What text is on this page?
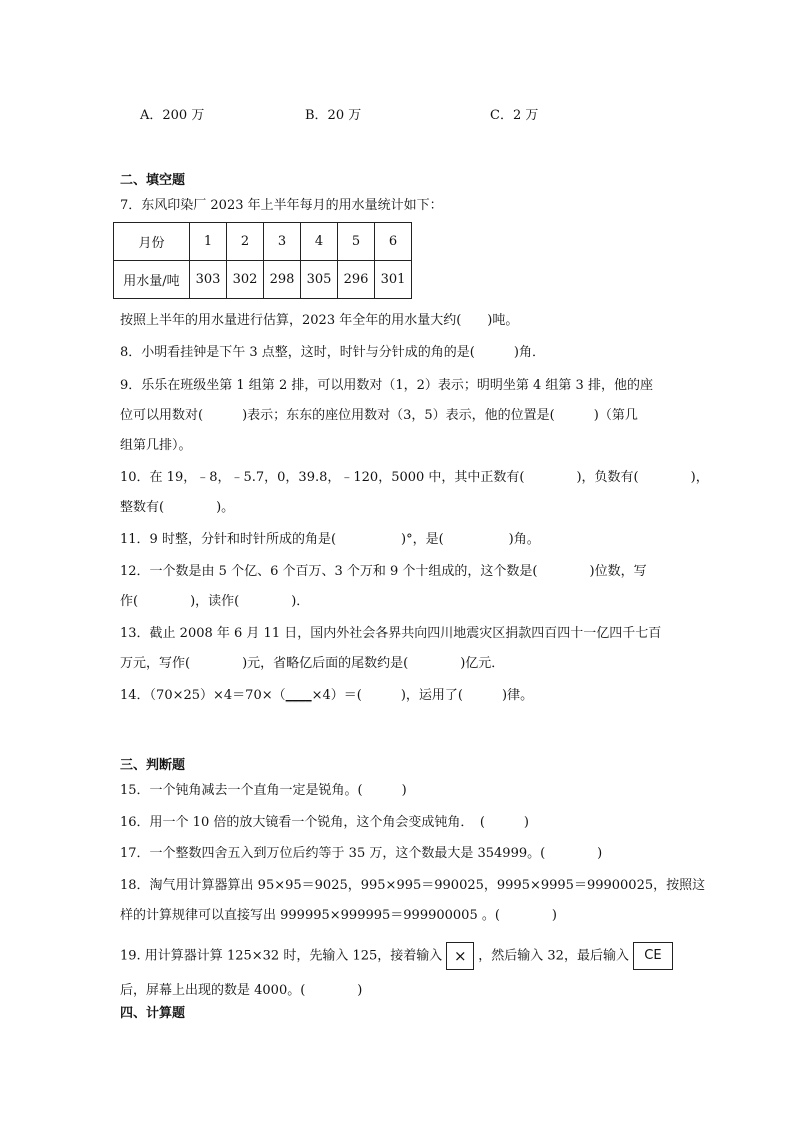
A．200 万	B．20 万	C．2 万
二、填空题
7．东风印染厂 2023 年上半年每月的用水量统计如下：
月份	1	2	3	4	5	6
用水量/吨	303	302	298	305	296	301
按照上半年的用水量进行估算，2023 年全年的用水量大约(　　)吨。
8．小明看挂钟是下午 3 点整，这时，时针与分针成的角的是(　　　)角．
9．乐乐在班级坐第 1 组第 2 排，可以用数对（1，2）表示；明明坐第 4 组第 3 排，他的座
位可以用数对(　　　)表示；东东的座位用数对（3，5）表示，他的位置是(　　　)（第几
组第几排）。
10．在 19，﹣8，﹣5.7，0，39.8，﹣120，5000 中，其中正数有(　　　　)，负数有(　　　　)，
整数有(　　　　)。
11．9 时整，分针和时针所成的角是(　　　　　)°，是(　　　　　)角。
12．一个数是由 5 个亿、6 个百万、3 个万和 9 个十组成的，这个数是(　　　　)位数，写
作(　　　　)，读作(　　　　)．
13．截止 2008 年 6 月 11 日，国内外社会各界共向四川地震灾区捐款四百四十一亿四千七百
万元，写作(　　　　)元，省略亿后面的尾数约是(　　　　)亿元．
14．（70×25）×4＝70×（____×4）＝(　　　)，运用了(　　　)律。
三、判断题
15．一个钝角减去一个直角一定是锐角。(　　　)
16．用一个 10 倍的放大镜看一个锐角，这个角会变成钝角．　(　　　)
17．一个整数四舍五入到万位后约等于 35 万，这个数最大是 354999。(　　　　)
18．淘气用计算器算出 95×95＝9025，995×995＝990025，9995×9995＝99900025，按照这
样的计算规律可以直接写出 999995×999995＝999900005 。(　　　　)
19. 用计算器计算 125×32 时，先输入 125，接着输入 × ，然后输入 32，最后输入 CE
后，屏幕上出现的数是 4000。(　　　　)
四、计算题
